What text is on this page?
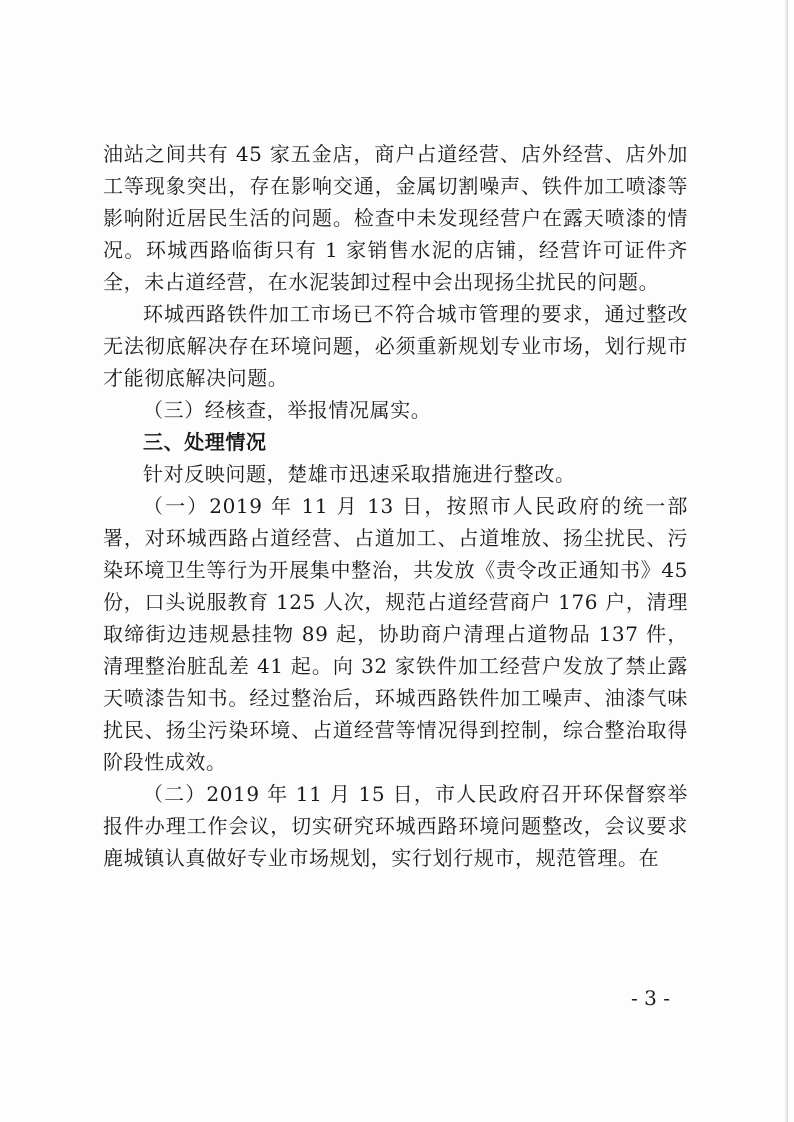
油站之间共有 45 家五金店，商户占道经营、店外经营、店外加工等现象突出，存在影响交通，金属切割噪声、铁件加工喷漆等影响附近居民生活的问题。检查中未发现经营户在露天喷漆的情况。环城西路临街只有 1 家销售水泥的店铺，经营许可证件齐全，未占道经营，在水泥装卸过程中会出现扬尘扰民的问题。

环城西路铁件加工市场已不符合城市管理的要求，通过整改无法彻底解决存在环境问题，必须重新规划专业市场，划行规市才能彻底解决问题。

（三）经核查，举报情况属实。

三、处理情况

针对反映问题，楚雄市迅速采取措施进行整改。

（一）2019 年 11 月 13 日，按照市人民政府的统一部署，对环城西路占道经营、占道加工、占道堆放、扬尘扰民、污染环境卫生等行为开展集中整治，共发放《责令改正通知书》45 份，口头说服教育 125 人次，规范占道经营商户 176 户，清理取缔街边违规悬挂物 89 起，协助商户清理占道物品 137 件，清理整治脏乱差 41 起。向 32 家铁件加工经营户发放了禁止露天喷漆告知书。经过整治后，环城西路铁件加工噪声、油漆气味扰民、扬尘污染环境、占道经营等情况得到控制，综合整治取得阶段性成效。

（二）2019 年 11 月 15 日，市人民政府召开环保督察举报件办理工作会议，切实研究环城西路环境问题整改，会议要求鹿城镇认真做好专业市场规划，实行划行规市，规范管理。在

- 3 -
